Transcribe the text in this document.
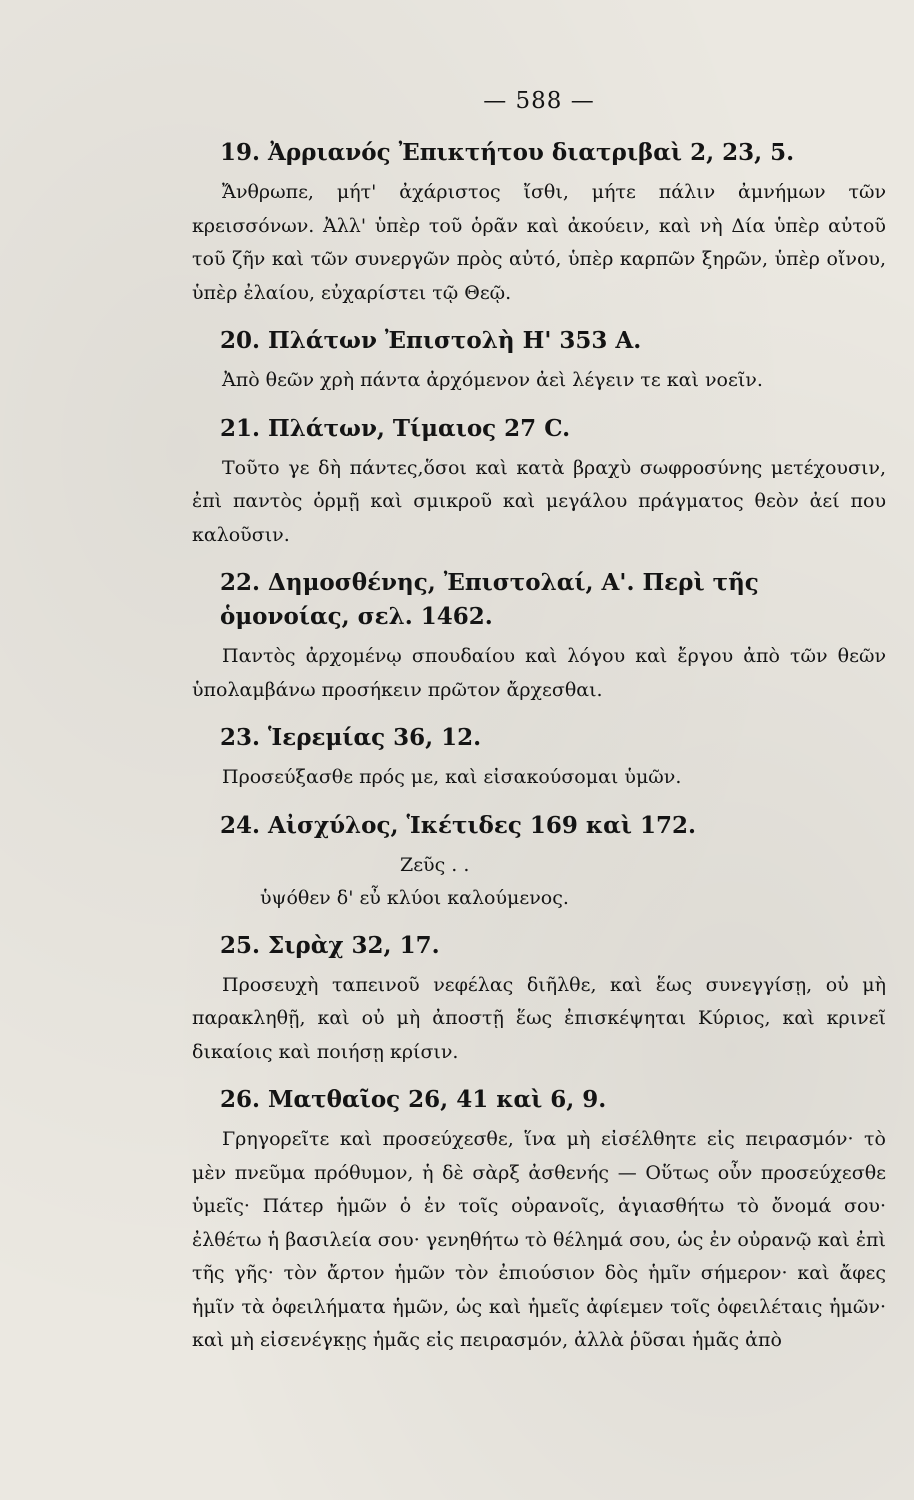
— 588 —
19. Ἀρριανός Ἐπικτήτου διατριβαὶ 2, 23, 5.

Ἄνθρωπε, μήτ' ἀχάριστος ἴσθι, μήτε πάλιν ἀμνήμων τῶν κρεισσόνων. Ἀλλ' ὑπὲρ τοῦ ὁρᾶν καὶ ἀκούειν, καὶ νὴ Δία ὑπὲρ αὐτοῦ τοῦ ζῆν καὶ τῶν συνεργῶν πρὸς αὐτό, ὑπὲρ καρπῶν ξηρῶν, ὑπὲρ οἴνου, ὑπὲρ ἐλαίου, εὐχαρίστει τῷ Θεῷ.

20. Πλάτων Ἐπιστολὴ Η' 353 Α.

Ἀπὸ θεῶν χρὴ πάντα ἀρχόμενον ἀεὶ λέγειν τε καὶ νοεῖν.

21. Πλάτων, Τίμαιος 27 C.

Τοῦτο γε δὴ πάντες,ὅσοι καὶ κατὰ βραχὺ σωφροσύνης μετέχουσιν, ἐπὶ παντὸς ὁρμῇ καὶ σμικροῦ καὶ μεγάλου πράγματος θεὸν ἀεί που καλοῦσιν.

22. Δημοσθένης, Ἐπιστολαί, Α'. Περὶ τῆς ὁμονοίας, σελ. 1462.

Παντὸς ἀρχομένῳ σπουδαίου καὶ λόγου καὶ ἔργου ἀπὸ τῶν θεῶν ὑπολαμβάνω προσήκειν πρῶτον ἄρχεσθαι.

23. Ἱερεμίας 36, 12.

Προσεύξασθε πρός με, καὶ εἰσακούσομαι ὑμῶν.

24. Αἰσχύλος, Ἱκέτιδες 169 καὶ 172.
Ζεῦς . .
ὑψόθεν δ' εὖ κλύοι καλούμενος.
25. Σιρὰχ 32, 17.

Προσευχὴ ταπεινοῦ νεφέλας διῆλθε, καὶ ἕως συνεγγίσῃ, οὐ μὴ παρακληθῇ, καὶ οὐ μὴ ἀποστῇ ἕως ἐπισκέψηται Κύριος, καὶ κρινεῖ δικαίοις καὶ ποιήσῃ κρίσιν.

26. Ματθαῖος 26, 41 καὶ 6, 9.

Γρηγορεῖτε καὶ προσεύχεσθε, ἵνα μὴ εἰσέλθητε εἰς πειρασμόν· τὸ μὲν πνεῦμα πρόθυμον, ἡ δὲ σὰρξ ἀσθενής — Οὕτως οὖν προσεύχεσθε ὑμεῖς· Πάτερ ἡμῶν ὁ ἐν τοῖς οὐρανοῖς, ἁγιασθήτω τὸ ὄνομά σου· ἐλθέτω ἡ βασιλεία σου· γενηθήτω τὸ θέλημά σου, ὡς ἐν οὐρανῷ καὶ ἐπὶ τῆς γῆς· τὸν ἄρτον ἡμῶν τὸν ἐπιούσιον δὸς ἡμῖν σήμερον· καὶ ἄφες ἡμῖν τὰ ὀφειλήματα ἡμῶν, ὡς καὶ ἡμεῖς ἀφίεμεν τοῖς ὀφειλέταις ἡμῶν· καὶ μὴ εἰσενέγκῃς ἡμᾶς εἰς πειρασμόν, ἀλλὰ ῥῦσαι ἡμᾶς ἀπὸ
